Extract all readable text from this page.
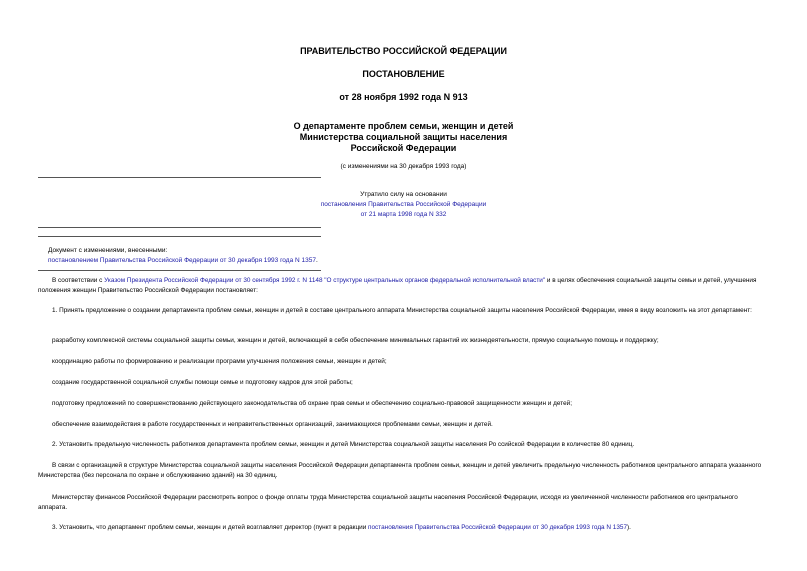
ПРАВИТЕЛЬСТВО РОССИЙСКОЙ ФЕДЕРАЦИИ
ПОСТАНОВЛЕНИЕ
от 28 ноября 1992 года N 913
О департаменте проблем семьи, женщин и детей
Министерства социальной защиты населения
Российской Федерации
(с изменениями на 30 декабря 1993 года)
Утратило силу на основании
постановления Правительства Российской Федерации
от 21 марта 1998 года N 332
Документ с изменениями, внесенными:
постановлением Правительства Российской Федерации от 30 декабря 1993 года N 1357.
В соответствии с Указом Президента Российской Федерации от 30 сентября 1992 г. N 1148 "О структуре центральных органов федеральной исполнительной власти" и в целях обеспечения социальной защиты семьи и детей, улучшения положения женщин Правительство Российской Федерации постановляет:
1. Принять предложение о создании департамента проблем семьи, женщин и детей в составе центрального аппарата Министерства социальной защиты населения Российской Федерации, имея в виду возложить на этот департамент:
разработку комплексной системы социальной защиты семьи, женщин и детей, включающей в себя обеспечение минимальных гарантий их жизнедеятельности, прямую социальную помощь и поддержку;
координацию работы по формированию и реализации программ улучшения положения семьи, женщин и детей;
создание государственной социальной службы помощи семье и подготовку кадров для этой работы;
подготовку предложений по совершенствованию действующего законодательства об охране прав семьи и обеспечению социально-правовой защищенности женщин и детей;
обеспечение взаимодействия в работе государственных и неправительственных организаций, занимающихся проблемами семьи, женщин и детей.
2. Установить предельную численность работников департамента проблем семьи, женщин и детей Министерства социальной защиты населения Ро ссийской Федерации в количестве 80 единиц.
В связи с организацией в структуре Министерства социальной защиты населения Российской Федерации департамента проблем семьи, женщин и детей увеличить предельную численность работников центрального аппарата указанного Министерства (без персонала по охране и обслуживанию зданий) на 30 единиц.
Министерству финансов Российской Федерации рассмотреть вопрос о фонде оплаты труда Министерства социальной защиты населения Российской Федерации, исходя из увеличенной численности работников его центрального аппарата.
3. Установить, что департамент проблем семьи, женщин и детей возглавляет директор (пункт в редакции постановления Правительства Российской Федерации от 30 декабря 1993 года N 1357).
